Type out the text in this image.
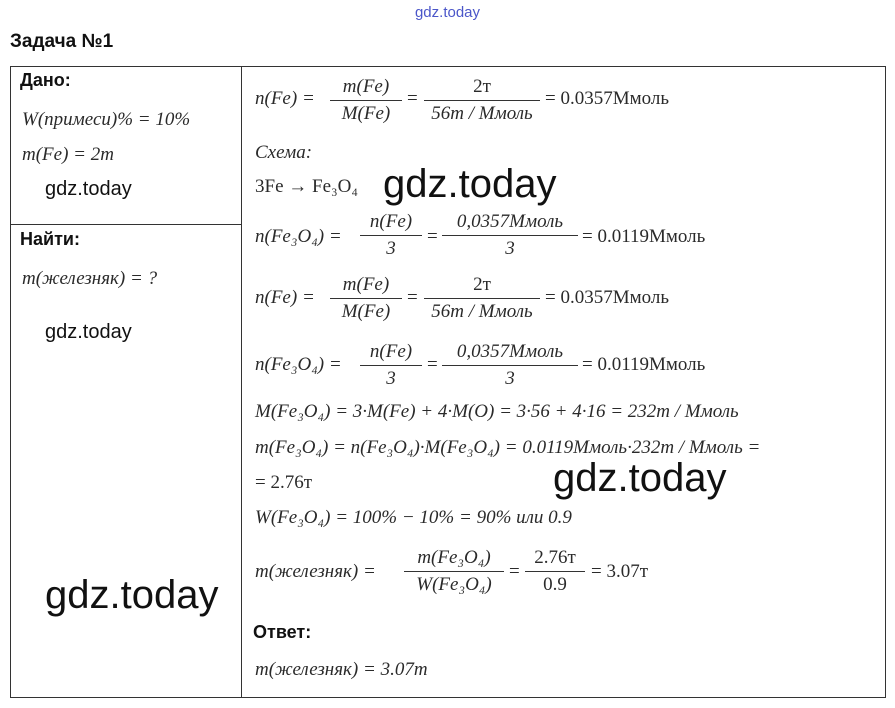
gdz.today
Задача №1
Дано:
W(примеси)% = 10%
m(Fe) = 2т
gdz.today
Найти:
m(железняк) = ?
gdz.today
gdz.today
n(Fe) =
m(Fe)
M(Fe)
=
2т
56т / Mмоль
= 0.0357Mмоль
Схема:
3Fe → Fe₃O₄ gdz.today
n(Fe₃O₄) =
n(Fe)
3
=
0,0357Mмоль
3
= 0.0119Mмоль
n(Fe) =
m(Fe)
M(Fe)
=
2т
56т / Mмоль
= 0.0357Mмоль
n(Fe₃O₄) =
n(Fe)
3
=
0,0357Mмоль
3
= 0.0119Mмоль
M(Fe₃O₄) = 3·M(Fe) + 4·M(O) = 3·56 + 4·16 = 232т / Mмоль
m(Fe₃O₄) = n(Fe₃O₄)·M(Fe₃O₄) = 0.0119Mмоль·232т / Mмоль =
= 2.76т	gdz.today
W(Fe₃O₄) = 100% − 10% = 90% или 0.9
m(железняк) =
m(Fe₃O₄)
W(Fe₃O₄)
=
2.76т
0.9
= 3.07т
Ответ:
m(железняк) = 3.07т
